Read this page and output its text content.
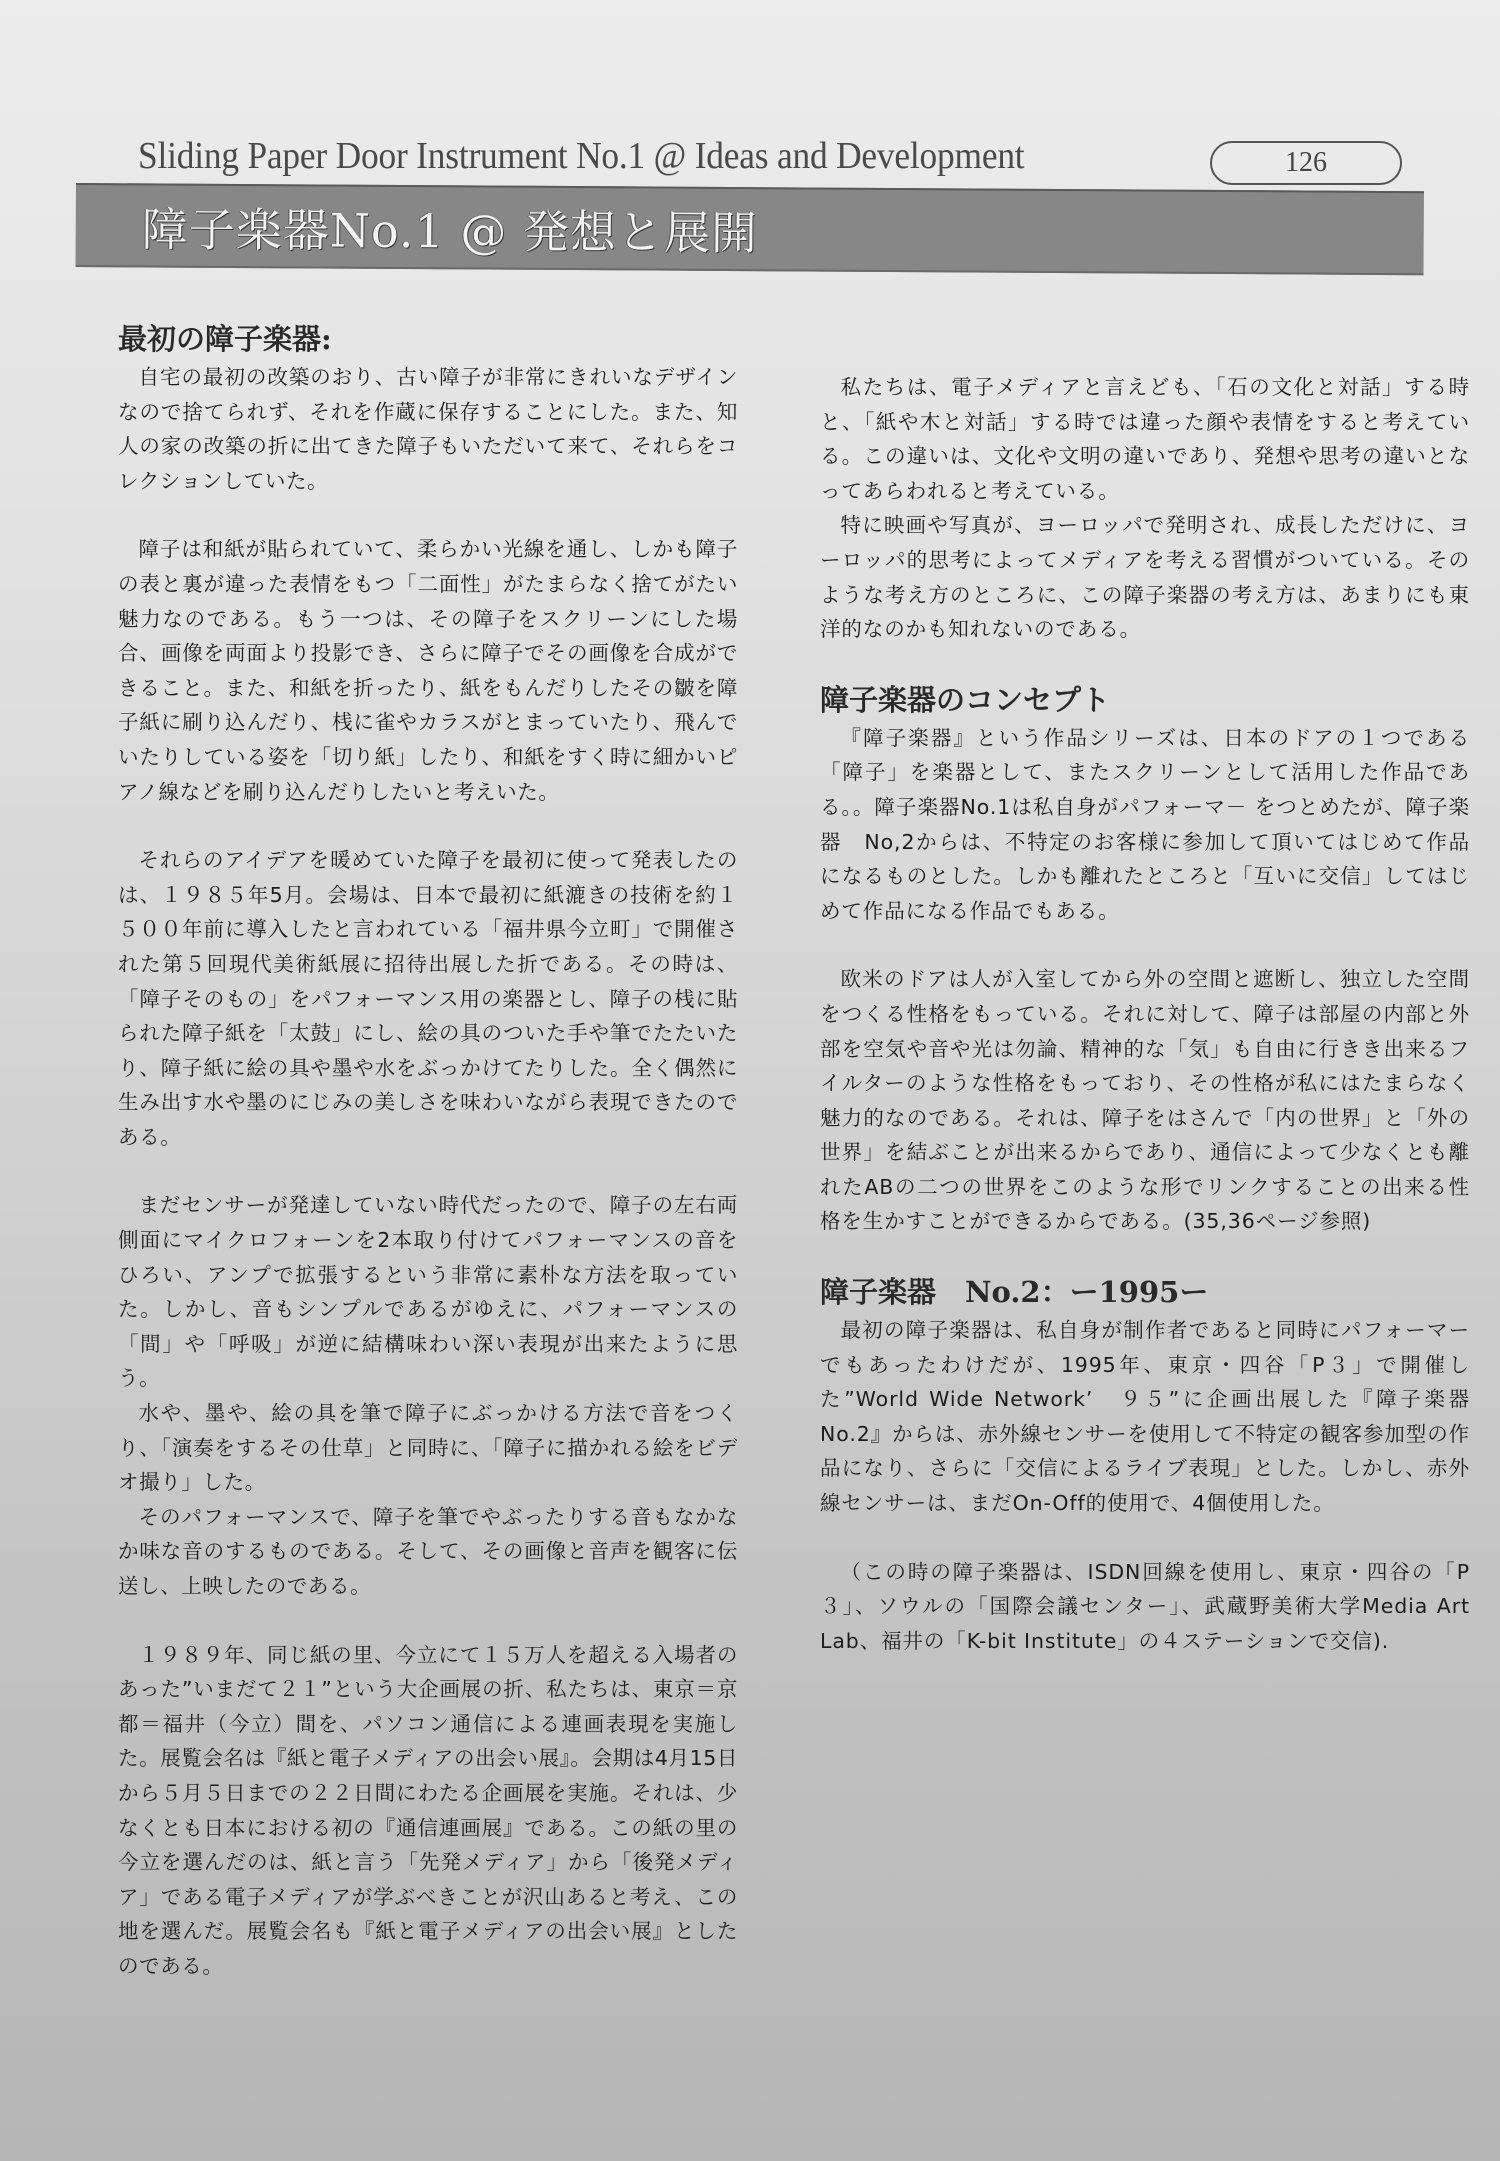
Sliding Paper Door Instrument No.1 @ Ideas and Development	126
障子楽器No.1 @ 発想と展開
最初の障子楽器:

自宅の最初の改築のおり、古い障子が非常にきれいなデザインなので捨てられず、それを作蔵に保存することにした。また、知人の家の改築の折に出てきた障子もいただいて来て、それらをコレクションしていた。

障子は和紙が貼られていて、柔らかい光線を通し、しかも障子の表と裏が違った表情をもつ「二面性」がたまらなく捨てがたい魅力なのである。もう一つは、その障子をスクリーンにした場合、画像を両面より投影でき、さらに障子でその画像を合成ができること。また、和紙を折ったり、紙をもんだりしたその皺を障子紙に刷り込んだり、桟に雀やカラスがとまっていたり、飛んでいたりしている姿を「切り紙」したり、和紙をすく時に細かいピアノ線などを刷り込んだりしたいと考えいた。

それらのアイデアを暖めていた障子を最初に使って発表したのは、１９８５年5月。会場は、日本で最初に紙漉きの技術を約１５００年前に導入したと言われている「福井県今立町」で開催された第５回現代美術紙展に招待出展した折である。その時は、「障子そのもの」をパフォーマンス用の楽器とし、障子の桟に貼られた障子紙を「太鼓」にし、絵の具のついた手や筆でたたいたり、障子紙に絵の具や墨や水をぶっかけてたりした。全く偶然に生み出す水や墨のにじみの美しさを味わいながら表現できたのである。

まだセンサーが発達していない時代だったので、障子の左右両側面にマイクロフォーンを2本取り付けてパフォーマンスの音をひろい、アンプで拡張するという非常に素朴な方法を取っていた。しかし、音もシンプルであるがゆえに、パフォーマンスの「間」や「呼吸」が逆に結構味わい深い表現が出来たように思う。

水や、墨や、絵の具を筆で障子にぶっかける方法で音をつくり、「演奏をするその仕草」と同時に、「障子に描かれる絵をビデオ撮り」した。

そのパフォーマンスで、障子を筆でやぶったりする音もなかなか味な音のするものである。そして、その画像と音声を観客に伝送し、上映したのである。

１９８９年、同じ紙の里、今立にて１５万人を超える入場者のあった”いまだて２１”という大企画展の折、私たちは、東京＝京都＝福井（今立）間を、パソコン通信による連画表現を実施した。展覧会名は『紙と電子メディアの出会い展』。会期は4月15日から５月５日までの２２日間にわたる企画展を実施。それは、少なくとも日本における初の『通信連画展』である。この紙の里の今立を選んだのは、紙と言う「先発メディア」から「後発メディア」である電子メディアが学ぶべきことが沢山あると考え、この地を選んだ。展覧会名も『紙と電子メディアの出会い展』としたのである。

私たちは、電子メディアと言えども、「石の文化と対話」する時と、「紙や木と対話」する時では違った顔や表情をすると考えている。この違いは、文化や文明の違いであり、発想や思考の違いとなってあらわれると考えている。

特に映画や写真が、ヨーロッパで発明され、成長しただけに、ヨーロッパ的思考によってメディアを考える習慣がついている。そのような考え方のところに、この障子楽器の考え方は、あまりにも東洋的なのかも知れないのである。

障子楽器のコンセプト

『障子楽器』という作品シリーズは、日本のドアの１つである「障子」を楽器として、またスクリーンとして活用した作品である。。障子楽器No.1は私自身がパフォーマ－ をつとめたが、障子楽器　No,2からは、不特定のお客様に参加して頂いてはじめて作品になるものとした。しかも離れたところと「互いに交信」してはじめて作品になる作品でもある。

欧米のドアは人が入室してから外の空間と遮断し、独立した空間をつくる性格をもっている。それに対して、障子は部屋の内部と外部を空気や音や光は勿論、精神的な「気」も自由に行きき出来るフイルターのような性格をもっており、その性格が私にはたまらなく魅力的なのである。それは、障子をはさんで「内の世界」と「外の世界」を結ぶことが出来るからであり、通信によって少なくとも離れたABの二つの世界をこのような形でリンクすることの出来る性格を生かすことができるからである。(35,36ページ参照)

障子楽器　No.2：ー1995ー

最初の障子楽器は、私自身が制作者であると同時にパフォーマーでもあったわけだが、1995年、東京・四谷「P３」で開催した”World Wide Network’　９５”に企画出展した『障子楽器No.2』からは、赤外線センサーを使用して不特定の観客参加型の作品になり、さらに「交信によるライブ表現」とした。しかし、赤外線センサーは、まだOn-Off的使用で、4個使用した。

（この時の障子楽器は、ISDN回線を使用し、東京・四谷の「P３」、ソウルの「国際会議センター」、武蔵野美術大学Media Art Lab、福井の「K-bit Institute」の４ステーションで交信).
